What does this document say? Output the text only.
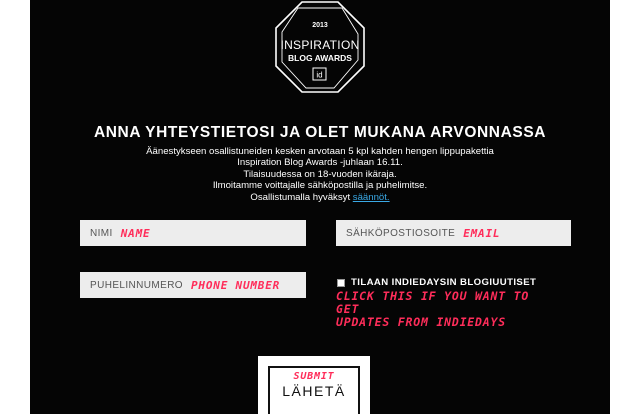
2013
INSPIRATION
BLOG AWARDS
id
ANNA YHTEYSTIETOSI JA OLET MUKANA ARVONNASSA
Äänestykseen osallistuneiden kesken arvotaan 5 kpl kahden hengen lippupakettia
Inspiration Blog Awards -juhlaan 16.11.
Tilaisuudessa on 18-vuoden ikäraja.
Ilmoitamme voittajalle sähköpostilla ja puhelimitse.
Osallistumalla hyväksyt säännöt.
NIMI NAME	SÄHKÖPOSTIOSOITE EMAIL
PUHELINNUMERO PHONE NUMBER	TILAAN INDIEDAYSIN BLOGIUUTISET
CLICK THIS IF YOU WANT TO GET
UPDATES FROM INDIEDAYS
SUBMIT
LÄHETÄ
